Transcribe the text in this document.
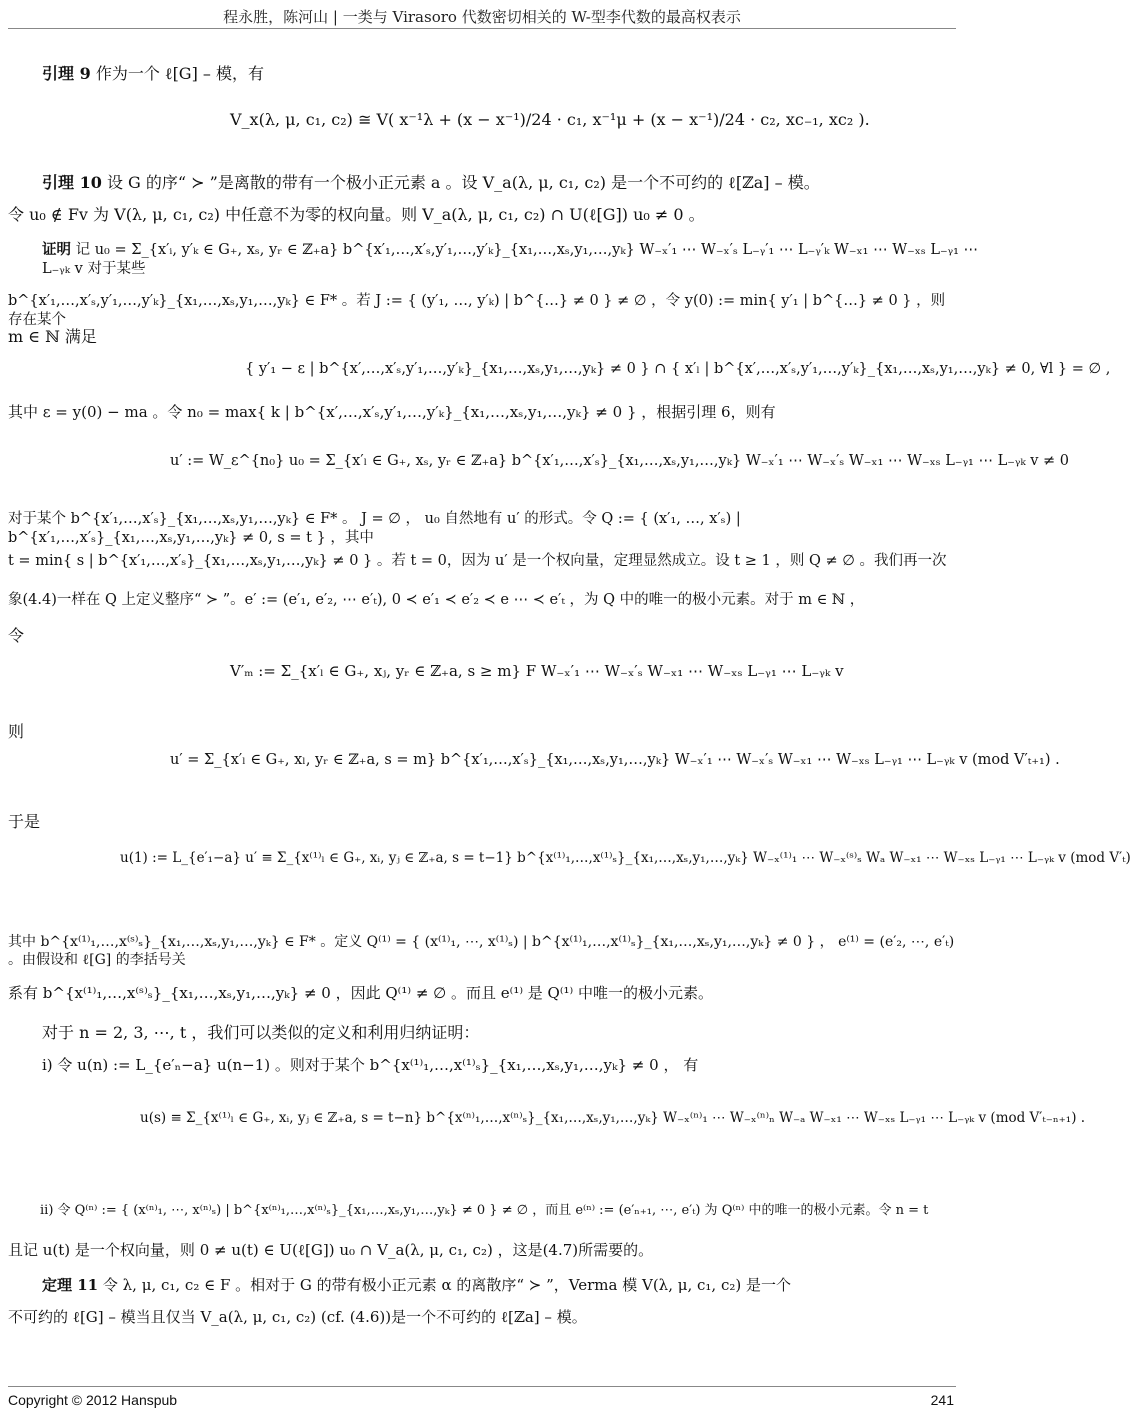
程永胜，陈河山 | 一类与 Virasoro 代数密切相关的 W-型李代数的最高权表示
引理 9 作为一个 ℓ[G] – 模，有
V_x(λ, μ, c₁, c₂) ≅ V( x⁻¹λ + (x − x⁻¹)/24 · c₁, x⁻¹μ + (x − x⁻¹)/24 · c₂, xc₋₁, xc₂ ).
引理 10 设 G 的序“ ≻ ”是离散的带有一个极小正元素 a 。设 V_a(λ, μ, c₁, c₂) 是一个不可约的 ℓ[ℤa] – 模。
令 u₀ ∉ Fv 为 V(λ, μ, c₁, c₂) 中任意不为零的权向量。则 V_a(λ, μ, c₁, c₂) ∩ U(ℓ[G]) u₀ ≠ 0 。
证明 记 u₀ = Σ_{x′ᵢ, y′ₖ ∈ G₊, xₛ, yᵣ ∈ ℤ₊a} b^{x′₁,…,x′ₛ,y′₁,…,y′ₖ}_{x₁,…,xₛ,y₁,…,yₖ} W₋ₓ′₁ ⋯ W₋ₓ′ₛ L₋ᵧ′₁ ⋯ L₋ᵧ′ₖ W₋ₓ₁ ⋯ W₋ₓₛ L₋ᵧ₁ ⋯ L₋ᵧₖ v 对于某些
b^{x′₁,…,x′ₛ,y′₁,…,y′ₖ}_{x₁,…,xₛ,y₁,…,yₖ} ∈ F* 。若 J := { (y′₁, …, y′ₖ) | b^{…} ≠ 0 } ≠ ∅ ，令 y(0) := min{ y′₁ | b^{…} ≠ 0 } ，则存在某个
m ∈ ℕ 满足
{ y′₁ − ε | b^{x′,…,x′ₛ,y′₁,…,y′ₖ}_{x₁,…,xₛ,y₁,…,yₖ} ≠ 0 } ∩ { x′ₗ | b^{x′,…,x′ₛ,y′₁,…,y′ₖ}_{x₁,…,xₛ,y₁,…,yₖ} ≠ 0, ∀l } = ∅ ,
其中 ε = y(0) − ma 。令 n₀ = max{ k | b^{x′,…,x′ₛ,y′₁,…,y′ₖ}_{x₁,…,xₛ,y₁,…,yₖ} ≠ 0 } ，根据引理 6，则有
u′ := W_ε^{n₀} u₀ = Σ_{x′ₗ ∈ G₊, xₛ, yᵣ ∈ ℤ₊a} b^{x′₁,…,x′ₛ}_{x₁,…,xₛ,y₁,…,yₖ} W₋ₓ′₁ ⋯ W₋ₓ′ₛ W₋ₓ₁ ⋯ W₋ₓₛ L₋ᵧ₁ ⋯ L₋ᵧₖ v ≠ 0
对于某个 b^{x′₁,…,x′ₛ}_{x₁,…,xₛ,y₁,…,yₖ} ∈ F* 。 J = ∅ ， u₀ 自然地有 u′ 的形式。令 Q := { (x′₁, …, x′ₛ) | b^{x′₁,…,x′ₛ}_{x₁,…,xₛ,y₁,…,yₖ} ≠ 0, s = t } ，其中
t = min{ s | b^{x′₁,…,x′ₛ}_{x₁,…,xₛ,y₁,…,yₖ} ≠ 0 } 。若 t = 0，因为 u′ 是一个权向量，定理显然成立。设 t ≥ 1 ，则 Q ≠ ∅ 。我们再一次
象(4.4)一样在 Q 上定义整序“ ≻ ”。e′ := (e′₁, e′₂, ⋯ e′ₜ), 0 ≺ e′₁ ≺ e′₂ ≺ e ⋯ ≺ e′ₜ ，为 Q 中的唯一的极小元素。对于 m ∈ ℕ ，
令
V′ₘ := Σ_{x′ₗ ∈ G₊, xⱼ, yᵣ ∈ ℤ₊a, s ≥ m} F W₋ₓ′₁ ⋯ W₋ₓ′ₛ W₋ₓ₁ ⋯ W₋ₓₛ L₋ᵧ₁ ⋯ L₋ᵧₖ v
则
u′ = Σ_{x′ₗ ∈ G₊, xₗ, yᵣ ∈ ℤ₊a, s = m} b^{x′₁,…,x′ₛ}_{x₁,…,xₛ,y₁,…,yₖ} W₋ₓ′₁ ⋯ W₋ₓ′ₛ W₋ₓ₁ ⋯ W₋ₓₛ L₋ᵧ₁ ⋯ L₋ᵧₖ v (mod V′ₜ₊₁) .
于是
u(1) := L_{e′₁−a} u′ ≡ Σ_{x⁽¹⁾ₗ ∈ G₊, xᵢ, yⱼ ∈ ℤ₊a, s = t−1} b^{x⁽¹⁾₁,…,x⁽¹⁾ₛ}_{x₁,…,xₛ,y₁,…,yₖ} W₋ₓ⁽¹⁾₁ ⋯ W₋ₓ⁽ˢ⁾ₛ Wₐ W₋ₓ₁ ⋯ W₋ₓₛ L₋ᵧ₁ ⋯ L₋ᵧₖ v (mod V′ₜ)
其中 b^{x⁽¹⁾₁,…,x⁽ˢ⁾ₛ}_{x₁,…,xₛ,y₁,…,yₖ} ∈ F* 。定义 Q⁽¹⁾ = { (x⁽¹⁾₁, ⋯, x⁽¹⁾ₛ) | b^{x⁽¹⁾₁,…,x⁽¹⁾ₛ}_{x₁,…,xₛ,y₁,…,yₖ} ≠ 0 } ， e⁽¹⁾ = (e′₂, ⋯, e′ₜ) 。由假设和 ℓ[G] 的李括号关
系有 b^{x⁽¹⁾₁,…,x⁽ˢ⁾ₛ}_{x₁,…,xₛ,y₁,…,yₖ} ≠ 0 ，因此 Q⁽¹⁾ ≠ ∅ 。而且 e⁽¹⁾ 是 Q⁽¹⁾ 中唯一的极小元素。
对于 n = 2, 3, ⋯, t ，我们可以类似的定义和利用归纳证明：
i) 令 u(n) := L_{e′ₙ−a} u(n−1) 。则对于某个 b^{x⁽¹⁾₁,…,x⁽¹⁾ₛ}_{x₁,…,xₛ,y₁,…,yₖ} ≠ 0 ， 有
u(s) ≡ Σ_{x⁽¹⁾ₗ ∈ G₊, xᵢ, yⱼ ∈ ℤ₊a, s = t−n} b^{x⁽ⁿ⁾₁,…,x⁽ⁿ⁾ₛ}_{x₁,…,xₛ,y₁,…,yₖ} W₋ₓ⁽ⁿ⁾₁ ⋯ W₋ₓ⁽ⁿ⁾ₙ W₋ₐ W₋ₓ₁ ⋯ W₋ₓₛ L₋ᵧ₁ ⋯ L₋ᵧₖ v (mod V′ₜ₋ₙ₊₁) .
ii) 令 Q⁽ⁿ⁾ := { (x⁽ⁿ⁾₁, ⋯, x⁽ⁿ⁾ₛ) | b^{x⁽ⁿ⁾₁,…,x⁽ⁿ⁾ₛ}_{x₁,…,xₛ,y₁,…,yₖ} ≠ 0 } ≠ ∅ ，而且 e⁽ⁿ⁾ := (e′ₙ₊₁, ⋯, e′ₜ) 为 Q⁽ⁿ⁾ 中的唯一的极小元素。令 n = t
且记 u(t) 是一个权向量，则 0 ≠ u(t) ∈ U(ℓ[G]) u₀ ∩ V_a(λ, μ, c₁, c₂) ，这是(4.7)所需要的。
定理 11 令 λ, μ, c₁, c₂ ∈ F 。相对于 G 的带有极小正元素 α 的离散序“ ≻ ”，Verma 模 V(λ, μ, c₁, c₂) 是一个
不可约的 ℓ[G] – 模当且仅当 V_a(λ, μ, c₁, c₂) (cf. (4.6))是一个不可约的 ℓ[ℤa] – 模。
Copyright © 2012 Hanspub	241
